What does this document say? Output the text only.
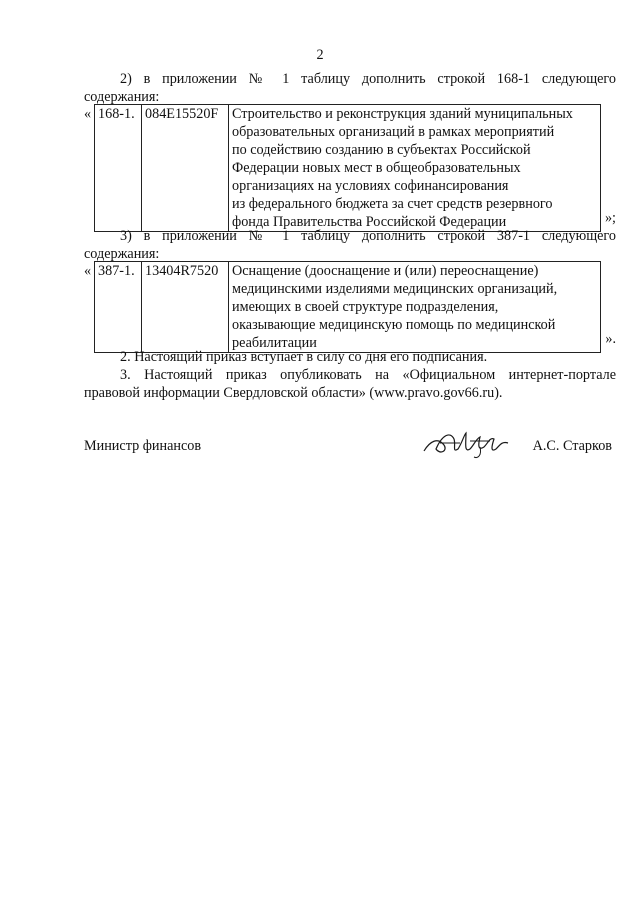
2
2) в приложении № 1 таблицу дополнить строкой 168-1 следующего
содержания:
« 168-1.	084E15520F	Строительство и реконструкция зданий муниципальных
образовательных организаций в рамках мероприятий
по содействию созданию в субъектах Российской
Федерации новых мест в общеобразовательных
организациях на условиях софинансирования
из федерального бюджета за счет средств резервного
фонда Правительства Российской Федерации	»;
3) в приложении № 1 таблицу дополнить строкой 387-1 следующего
содержания:
« 387-1.	13404R7520	Оснащение (дооснащение и (или) переоснащение)
медицинскими изделиями медицинских организаций,
имеющих в своей структуре подразделения,
оказывающие медицинскую помощь по медицинской
реабилитации	».
2. Настоящий приказ вступает в силу со дня его подписания.
3. Настоящий приказ опубликовать на «Официальном интернет-портале
правовой информации Свердловской области» (www.pravo.gov66.ru).
Министр финансов	А.С. Старков
